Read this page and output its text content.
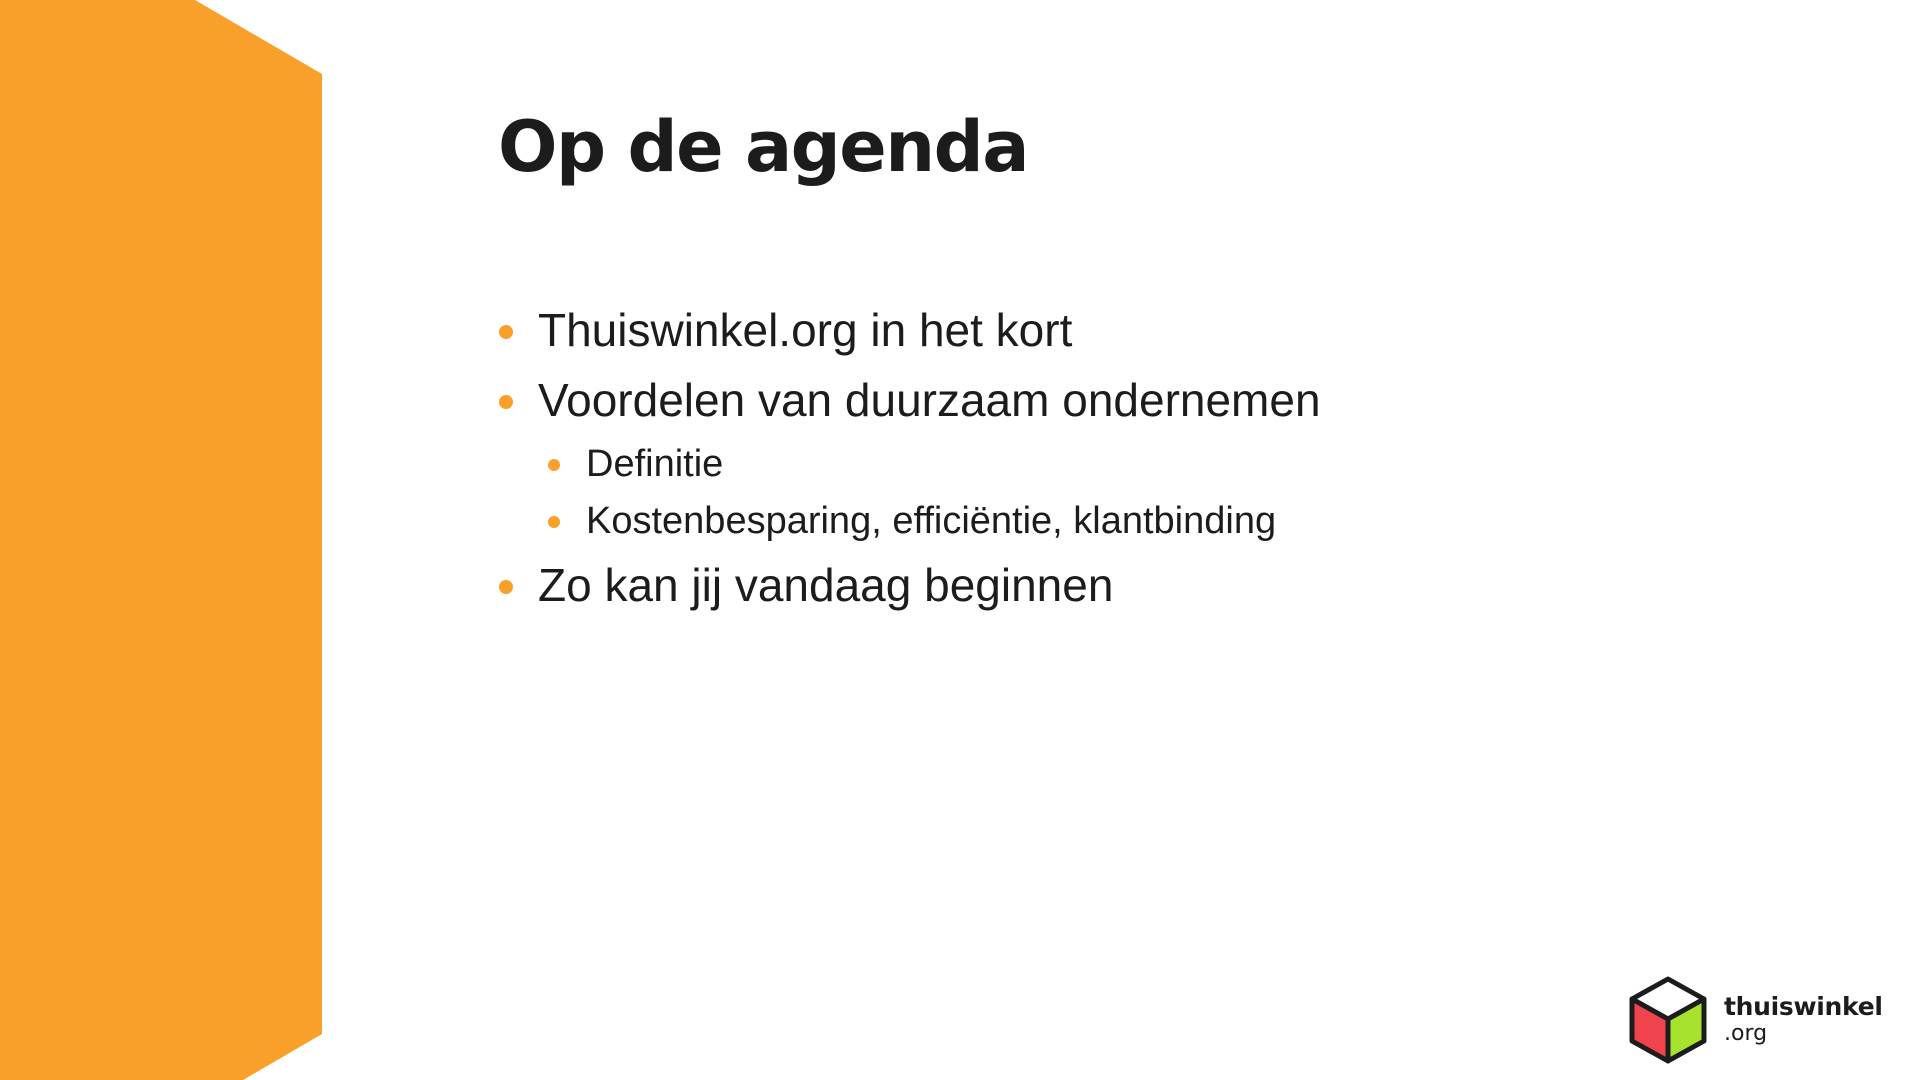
Op de agenda
Thuiswinkel.org in het kort
Voordelen van duurzaam ondernemen
Definitie
Kostenbesparing, efficiëntie, klantbinding
Zo kan jij vandaag beginnen
thuiswinkel
.org
